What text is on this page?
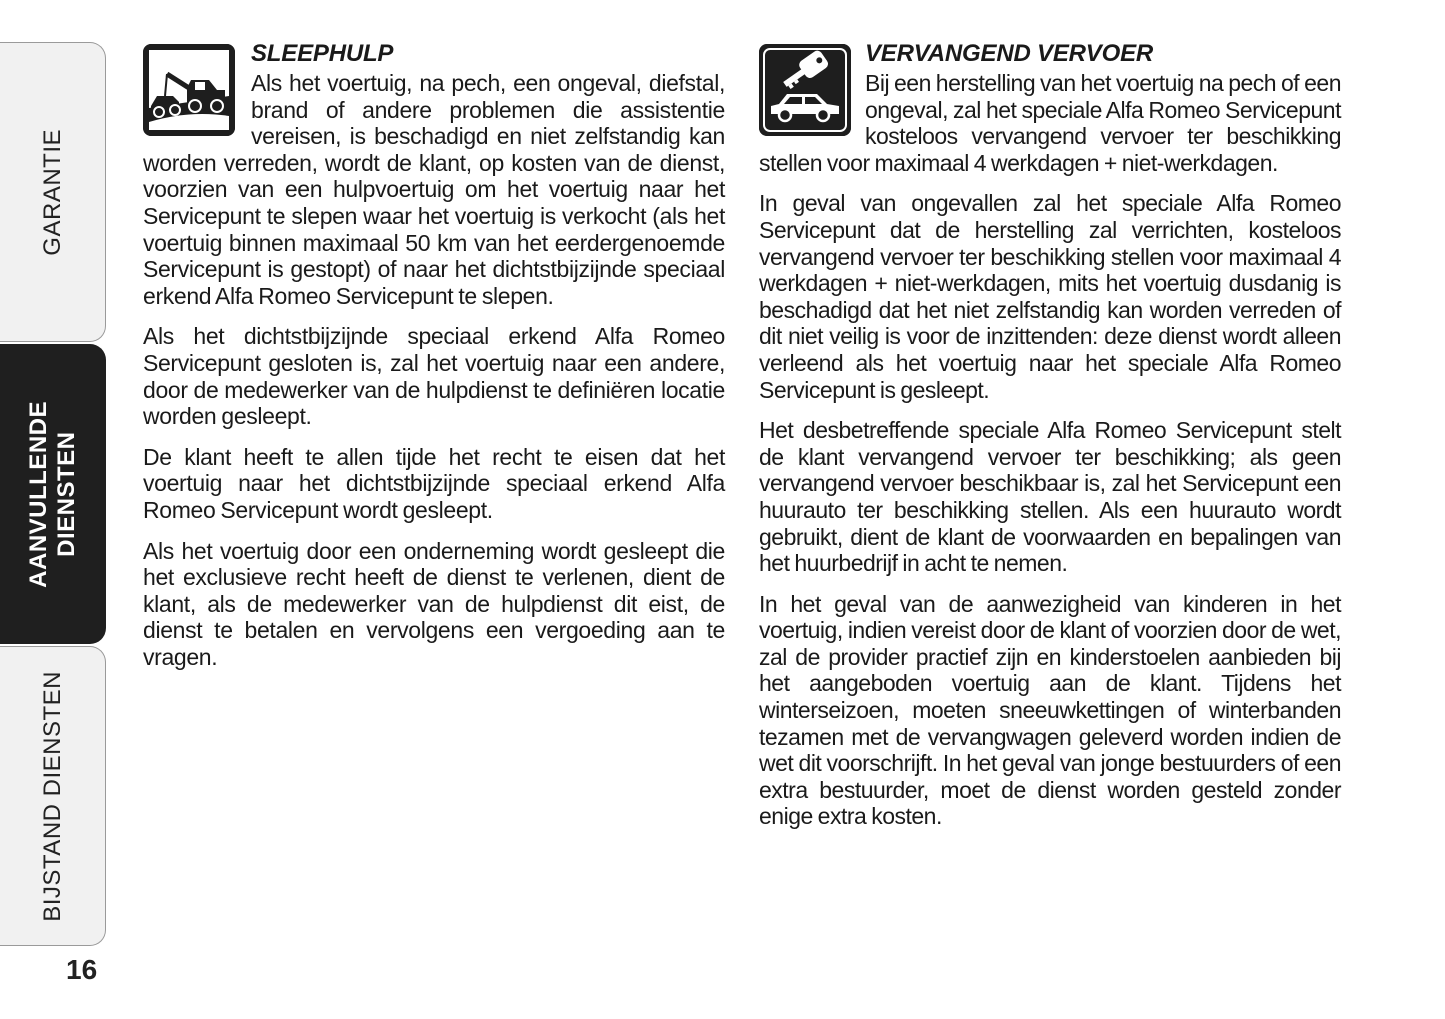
GARANTIE
AANVULLENDE
DIENSTEN
BIJSTAND DIENSTEN
16
SLEEPHULP

Als het voertuig, na pech, een ongeval, diefstal, brand of andere problemen die assistentie vereisen, is beschadigd en niet zelfstandig kan worden verreden, wordt de klant, op kosten van de dienst, voorzien van een hulpvoertuig om het voertuig naar het Servicepunt te slepen waar het voertuig is verkocht (als het voertuig binnen maximaal 50 km van het eerdergenoemde Servicepunt is gestopt) of naar het dichtstbijzijnde speciaal erkend Alfa Romeo Servicepunt te slepen.

Als het dichtstbijzijnde speciaal erkend Alfa Romeo Servicepunt gesloten is, zal het voertuig naar een andere, door de medewerker van de hulpdienst te definiëren locatie worden gesleept.

De klant heeft te allen tijde het recht te eisen dat het voertuig naar het dichtstbijzijnde speciaal erkend Alfa Romeo Servicepunt wordt gesleept.

Als het voertuig door een onderneming wordt gesleept die het exclusieve recht heeft de dienst te verlenen, dient de klant, als de medewerker van de hulpdienst dit eist, de dienst te betalen en vervolgens een vergoeding aan te vragen.

VERVANGEND VERVOER

Bij een herstelling van het voertuig na pech of een ongeval, zal het speciale Alfa Romeo Servicepunt kosteloos vervangend vervoer ter beschikking stellen voor maximaal 4 werkdagen + niet-werkdagen.

In geval van ongevallen zal het speciale Alfa Romeo Servicepunt dat de herstelling zal verrichten, kosteloos vervangend vervoer ter beschikking stellen voor maximaal 4 werkdagen + niet-werkdagen, mits het voertuig dusdanig is beschadigd dat het niet zelfstandig kan worden verreden of dit niet veilig is voor de inzittenden: deze dienst wordt alleen verleend als het voertuig naar het speciale Alfa Romeo Servicepunt is gesleept.

Het desbetreffende speciale Alfa Romeo Servicepunt stelt de klant vervangend vervoer ter beschikking; als geen vervangend vervoer beschikbaar is, zal het Servicepunt een huurauto ter beschikking stellen. Als een huurauto wordt gebruikt, dient de klant de voorwaarden en bepalingen van het huurbedrijf in acht te nemen.

In het geval van de aanwezigheid van kinderen in het voertuig, indien vereist door de klant of voorzien door de wet, zal de provider practief zijn en kinderstoelen aanbieden bij het aangeboden voertuig aan de klant. Tijdens het winterseizoen, moeten sneeuwkettingen of winterbanden tezamen met de vervangwagen geleverd worden indien de wet dit voorschrijft. In het geval van jonge bestuurders of een extra bestuurder, moet de dienst worden gesteld zonder enige extra kosten.
